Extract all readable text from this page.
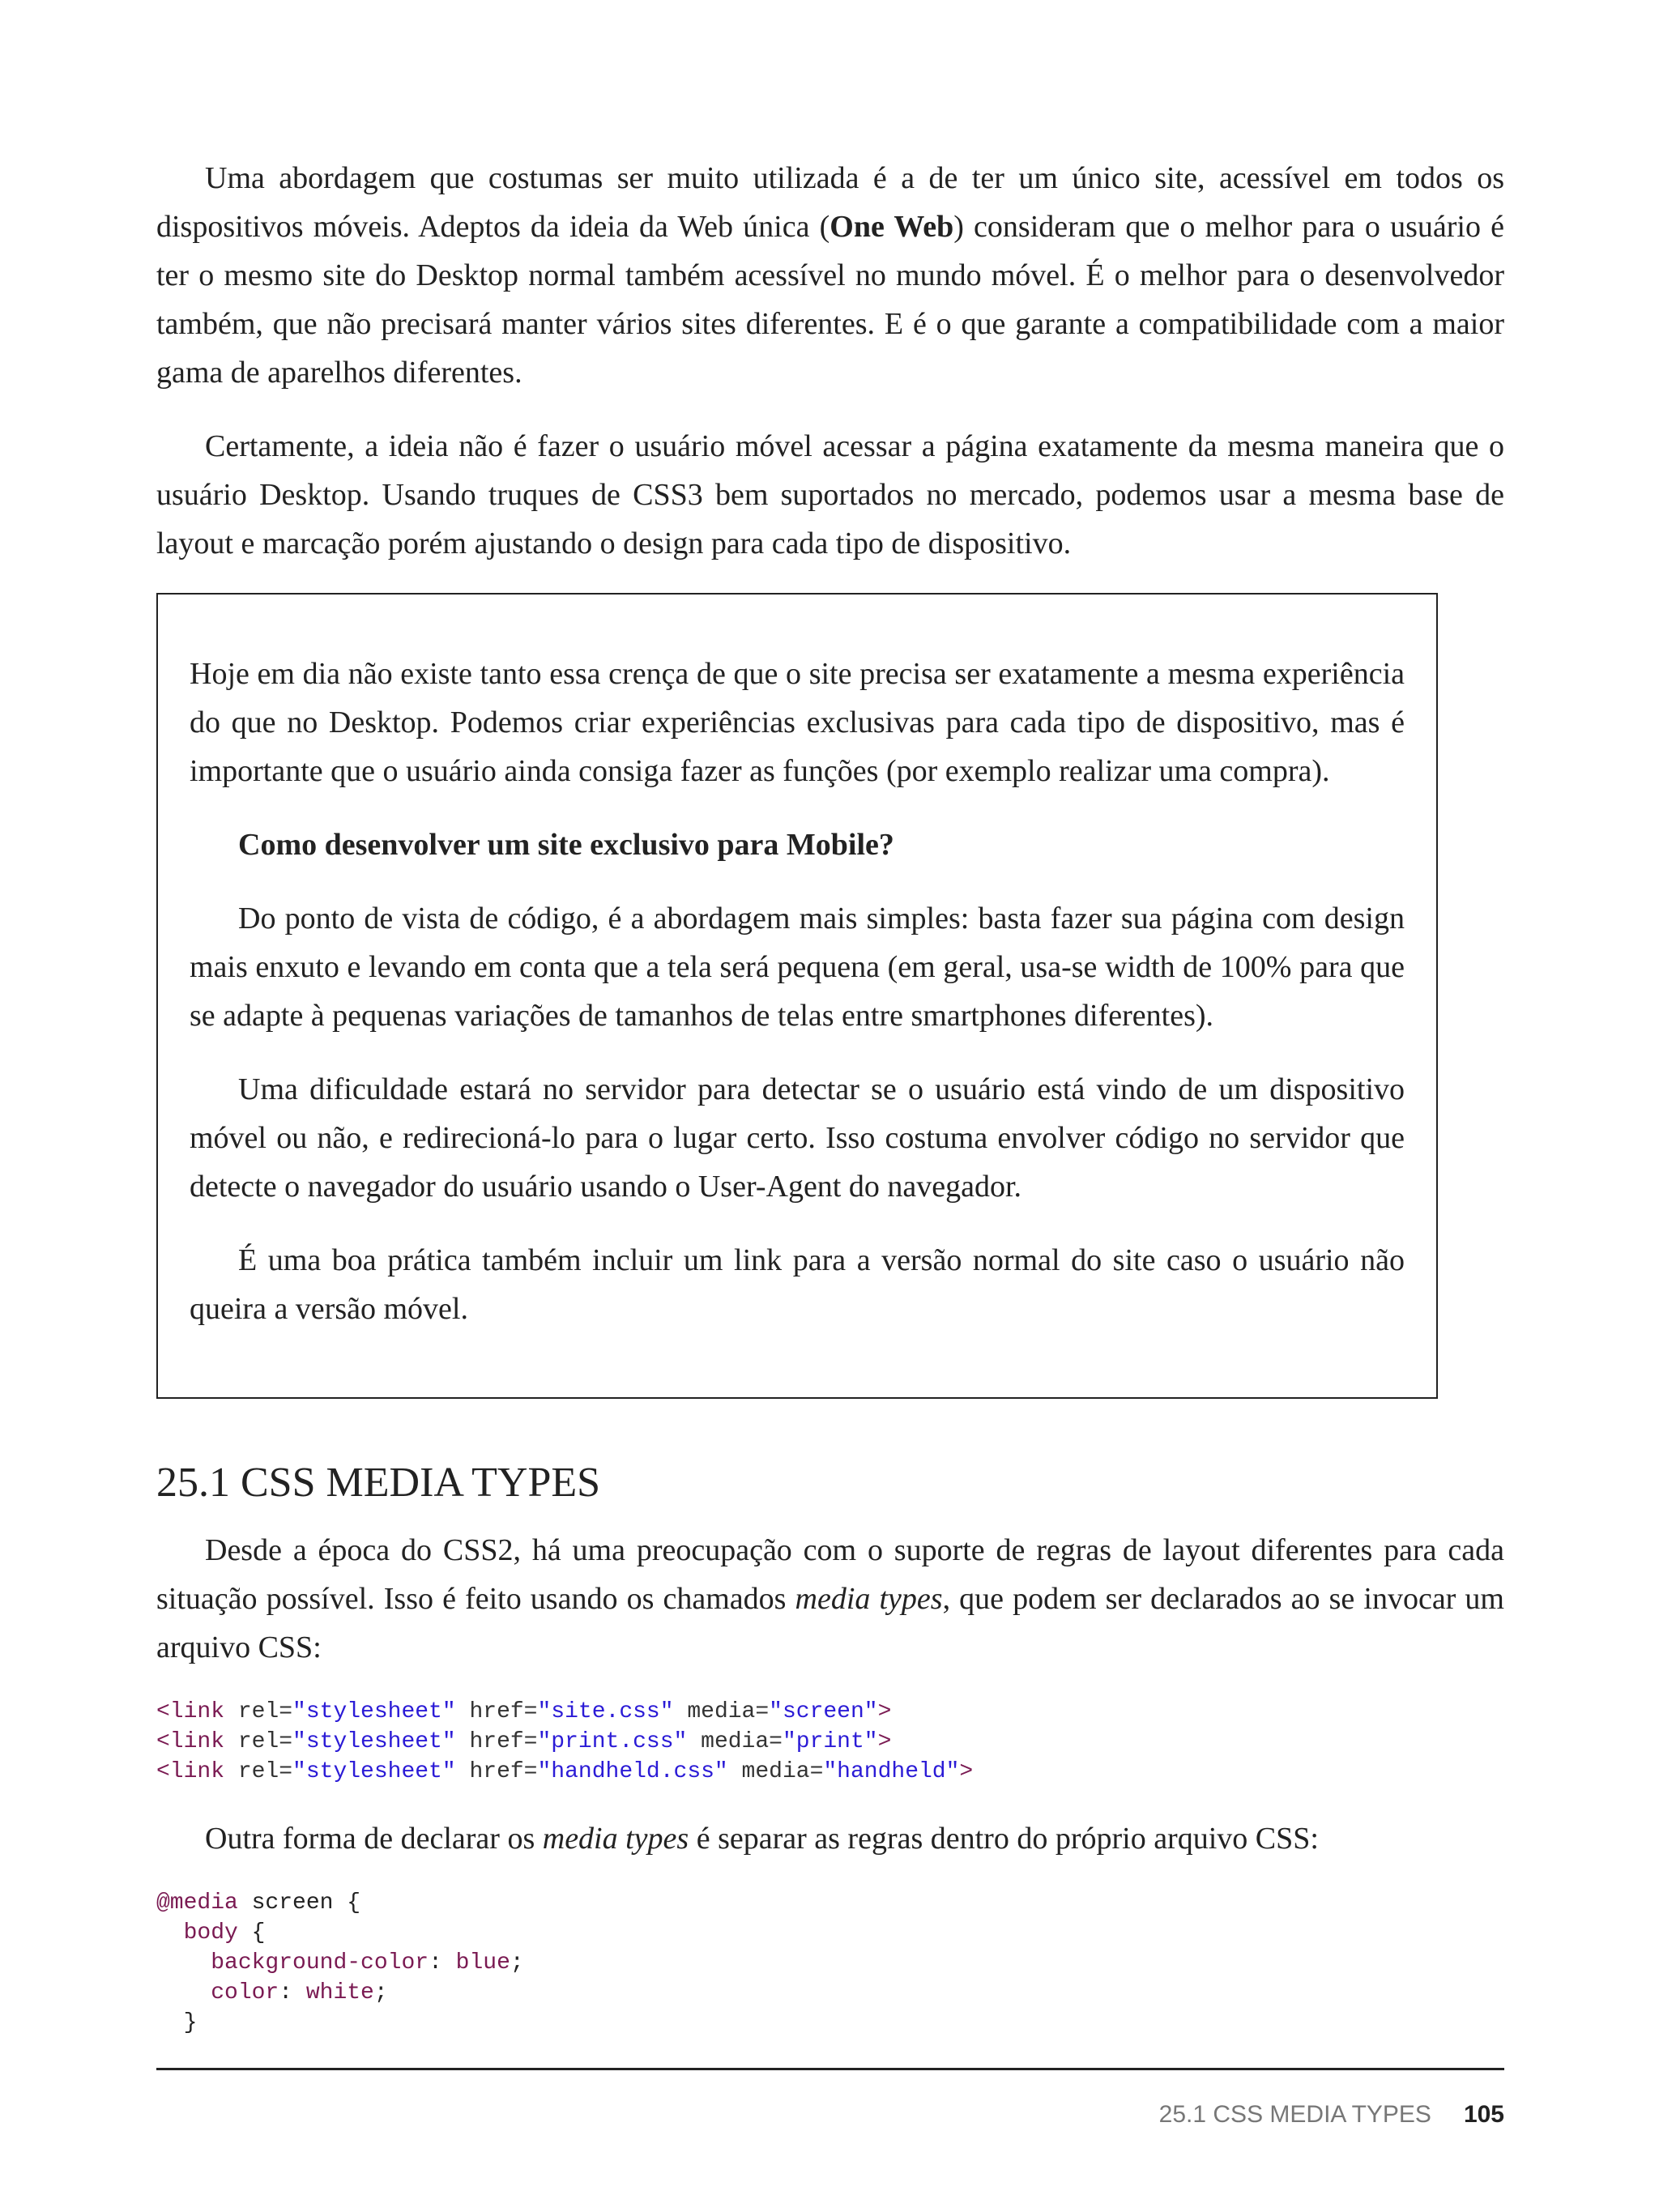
Uma abordagem que costumas ser muito utilizada é a de ter um único site, acessível em todos os dispositivos móveis. Adeptos da ideia da Web única (One Web) consideram que o melhor para o usuário é ter o mesmo site do Desktop normal também acessível no mundo móvel. É o melhor para o desenvolvedor também, que não precisará manter vários sites diferentes. E é o que garante a compatibilidade com a maior gama de aparelhos diferentes.

Certamente, a ideia não é fazer o usuário móvel acessar a página exatamente da mesma maneira que o usuário Desktop. Usando truques de CSS3 bem suportados no mercado, podemos usar a mesma base de layout e marcação porém ajustando o design para cada tipo de dispositivo.

Hoje em dia não existe tanto essa crença de que o site precisa ser exatamente a mesma experiência do que no Desktop. Podemos criar experiências exclusivas para cada tipo de dispositivo, mas é importante que o usuário ainda consiga fazer as funções (por exemplo realizar uma compra).

Como desenvolver um site exclusivo para Mobile?

Do ponto de vista de código, é a abordagem mais simples: basta fazer sua página com design mais enxuto e levando em conta que a tela será pequena (em geral, usa-se width de 100% para que se adapte à pequenas variações de tamanhos de telas entre smartphones diferentes).

Uma dificuldade estará no servidor para detectar se o usuário está vindo de um dispositivo móvel ou não, e redirecioná-lo para o lugar certo. Isso costuma envolver código no servidor que detecte o navegador do usuário usando o User-Agent do navegador.

É uma boa prática também incluir um link para a versão normal do site caso o usuário não queira a versão móvel.

25.1 CSS MEDIA TYPES

Desde a época do CSS2, há uma preocupação com o suporte de regras de layout diferentes para cada situação possível. Isso é feito usando os chamados media types, que podem ser declarados ao se invocar um arquivo CSS:

<link rel="stylesheet" href="site.css" media="screen">
<link rel="stylesheet" href="print.css" media="print">
<link rel="stylesheet" href="handheld.css" media="handheld">

Outra forma de declarar os media types é separar as regras dentro do próprio arquivo CSS:

@media screen {
body {
background-color: blue;
color: white;
}
25.1 CSS MEDIA TYPES 105
